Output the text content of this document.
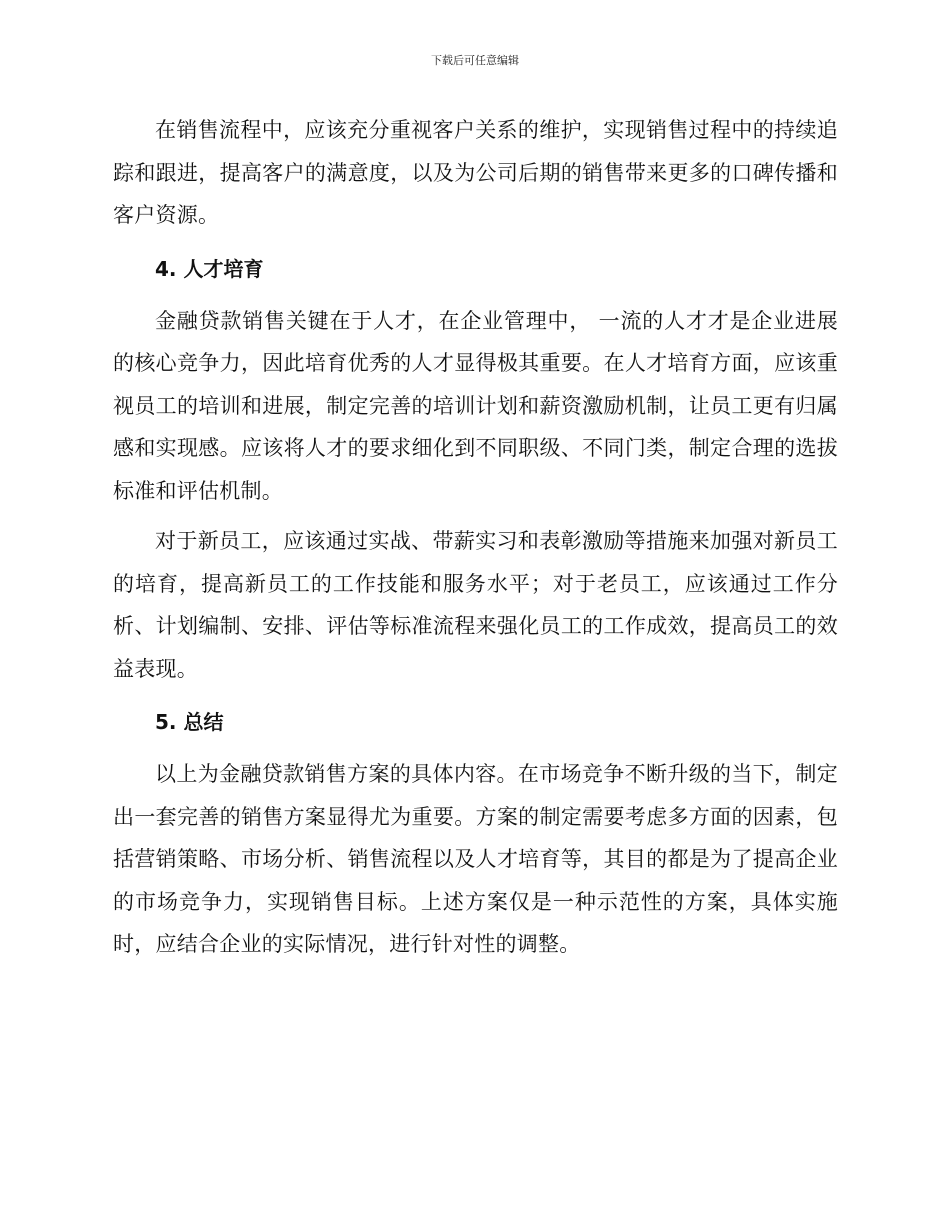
下载后可任意编辑

在销售流程中，应该充分重视客户关系的维护，实现销售过程中的持续追踪和跟进，提高客户的满意度，以及为公司后期的销售带来更多的口碑传播和客户资源。

4. 人才培育

金融贷款销售关键在于人才，在企业管理中， 一流的人才才是企业进展的核心竞争力，因此培育优秀的人才显得极其重要。在人才培育方面，应该重视员工的培训和进展，制定完善的培训计划和薪资激励机制，让员工更有归属感和实现感。应该将人才的要求细化到不同职级、不同门类，制定合理的选拔标准和评估机制。

对于新员工，应该通过实战、带薪实习和表彰激励等措施来加强对新员工的培育，提高新员工的工作技能和服务水平；对于老员工，应该通过工作分析、计划编制、安排、评估等标准流程来强化员工的工作成效，提高员工的效益表现。

5. 总结

以上为金融贷款销售方案的具体内容。在市场竞争不断升级的当下，制定出一套完善的销售方案显得尤为重要。方案的制定需要考虑多方面的因素，包括营销策略、市场分析、销售流程以及人才培育等，其目的都是为了提高企业的市场竞争力，实现销售目标。上述方案仅是一种示范性的方案，具体实施时，应结合企业的实际情况，进行针对性的调整。
